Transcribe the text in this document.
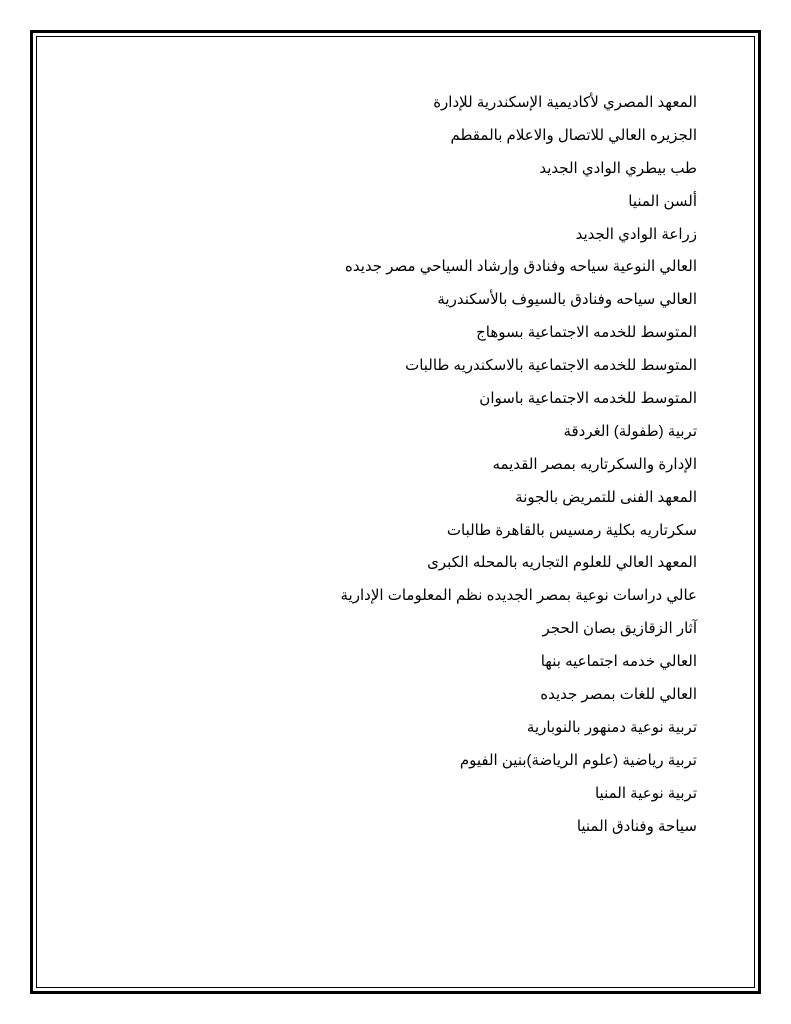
المعهد المصري لأكاديمية الإسكندرية للإدارة
الجزيره العالي للاتصال والاعلام بالمقطم
طب بيطري الوادي الجديد
ألسن المنيا
زراعة الوادي الجديد
العالي النوعية سياحه وفنادق وإرشاد السياحي مصر جديده
العالي سياحه وفنادق بالسيوف بالأسكندرية
المتوسط للخدمه الاجتماعية بسوهاج
المتوسط للخدمه الاجتماعية بالاسكندريه طالبات
المتوسط للخدمه الاجتماعية باسوان
تربية (طفولة) الغردقة
الإدارة والسكرتاريه بمصر القديمه
المعهد الفنى للتمريض بالجونة
سكرتاريه بكلية رمسيس بالقاهرة طالبات
المعهد العالي للعلوم التجاريه بالمحله الكبرى
عالي دراسات نوعية بمصر الجديده نظم المعلومات الإدارية
آثار الزقازيق بصان الحجر
العالي خدمه اجتماعيه بنها
العالي للغات بمصر جديده
تربية نوعية دمنهور بالنوبارية
تربية رياضية (علوم الرياضة)بنين الفيوم
تربية نوعية المنيا
سياحة وفنادق المنيا
